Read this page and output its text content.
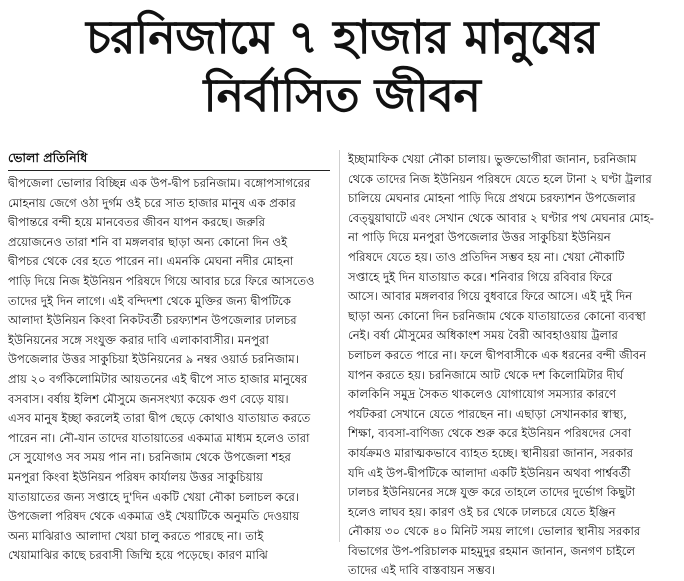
চরনিজামে ৭ হাজার মানুষের
নির্বাসিত জীবন
ভোলা প্রতিনিধি

দ্বীপজেলা ভোলার বিচ্ছিন্ন এক উপ-দ্বীপ চরনিজাম। বঙ্গোপসাগরের

মোহনায় জেগে ওঠা দুর্গম ওই চরে সাত হাজার মানুষ এক প্রকার

দ্বীপান্তরে বন্দী হয়ে মানবেতর জীবন যাপন করছে। জরুরি

প্রয়োজনেও তারা শনি বা মঙ্গলবার ছাড়া অন্য কোনো দিন ওই

দ্বীপচর থেকে বের হতে পারেন না। এমনকি মেঘনা নদীর মোহনা

পাড়ি দিয়ে নিজ ইউনিয়ন পরিষদে গিয়ে আবার চরে ফিরে আসতেও

তাদের দুই দিন লাগে। এই বন্দিদশা থেকে মুক্তির জন্য দ্বীপটিকে

আলাদা ইউনিয়ন কিংবা নিকটবর্তী চরফ্যাশন উপজেলার ঢালচর

ইউনিয়নের সঙ্গে সংযুক্ত করার দাবি এলাকাবাসীর। মনপুরা

উপজেলার উত্তর সাকুচিয়া ইউনিয়নের ৯ নম্বর ওয়ার্ড চরনিজাম।

প্রায় ২০ বর্গকিলোমিটার আয়তনের এই দ্বীপে সাত হাজার মানুষের

বসবাস। বর্ষায় ইলিশ মৌসুমে জনসংখ্যা কয়েক গুণ বেড়ে যায়।

এসব মানুষ ইচ্ছা করলেই তারা দ্বীপ ছেড়ে কোথাও যাতায়াত করতে

পারেন না। নৌ-যান তাদের যাতায়াতের একমাত্র মাধ্যম হলেও তারা

সে সুযোগও সব সময় পান না। চরনিজাম থেকে উপজেলা শহর

মনপুরা কিংবা ইউনিয়ন পরিষদ কার্যালয় উত্তর সাকুচিয়ায়

যাতায়াতের জন্য সপ্তাহে দু'দিন একটি খেয়া নৌকা চলাচল করে।

উপজেলা পরিষদ থেকে একমাত্র ওই খেয়াটিকে অনুমতি দেওয়ায়

অন্য মাঝিরাও আলাদা খেয়া চালু করতে পারছে না। তাই

খেয়ামাঝির কাছে চরবাসী জিম্মি হয়ে পড়েছে। কারণ মাঝি

ইচ্ছামাফিক খেয়া নৌকা চালায়। ভুক্তভোগীরা জানান, চরনিজাম

থেকে তাদের নিজ ইউনিয়ন পরিষদে যেতে হলে টানা ২ ঘণ্টা ট্রলার

চালিয়ে মেঘনার মোহনা পাড়ি দিয়ে প্রথমে চরফ্যাশন উপজেলার

বেত্য়ুয়াঘাটে এবং সেখান থেকে আবার ২ ঘণ্টার পথ মেঘনার মোহ-

না পাড়ি দিয়ে মনপুরা উপজেলার উত্তর সাকুচিয়া ইউনিয়ন

পরিষদে যেতে হয়। তাও প্রতিদিন সম্ভব হয় না। খেয়া নৌকাটি

সপ্তাহে দুই দিন যাতায়াত করে। শনিবার গিয়ে রবিবার ফিরে

আসে। আবার মঙ্গলবার গিয়ে বুধবারে ফিরে আসে। এই দুই দিন

ছাড়া অন্য কোনো দিন চরনিজাম থেকে যাতায়াতের কোনো ব্যবস্থা

নেই। বর্ষা মৌসুমের অধিকাংশ সময় বৈরী আবহাওয়ায় ট্রলার

চলাচল করতে পারে না। ফলে দ্বীপবাসীকে এক ধরনের বন্দী জীবন

যাপন করতে হয়। চরনিজামে আট থেকে দশ কিলোমিটার দীর্ঘ

কালকিনি সমুদ্র সৈকত থাকলেও যোগাযোগ সমস্যার কারণে

পর্যটকরা সেখানে যেতে পারছেন না। এছাড়া সেখানকার স্বাস্থ্য,

শিক্ষা, ব্যবসা-বাণিজ্য থেকে শুরু করে ইউনিয়ন পরিষদের সেবা

কার্যক্রমও মারাত্মকভাবে ব্যাহত হচ্ছে। স্থানীয়রা জানান, সরকার

যদি এই উপ-দ্বীপটিকে আলাদা একটি ইউনিয়ন অথবা পার্শ্ববর্তী

ঢালচর ইউনিয়নের সঙ্গে যুক্ত করে তাহলে তাদের দুর্ভোগ কিছুটা

হলেও লাঘব হয়। কারণ ওই চর থেকে ঢালচরে যেতে ইঞ্জিন

নৌকায় ৩০ থেকে ৪০ মিনিট সময় লাগে। ভোলার স্থানীয় সরকার

বিভাগের উপ-পরিচালক মাহমুদুর রহমান জানান, জনগণ চাইলে

তাদের এই দাবি বাস্তবায়ন সম্ভব।
